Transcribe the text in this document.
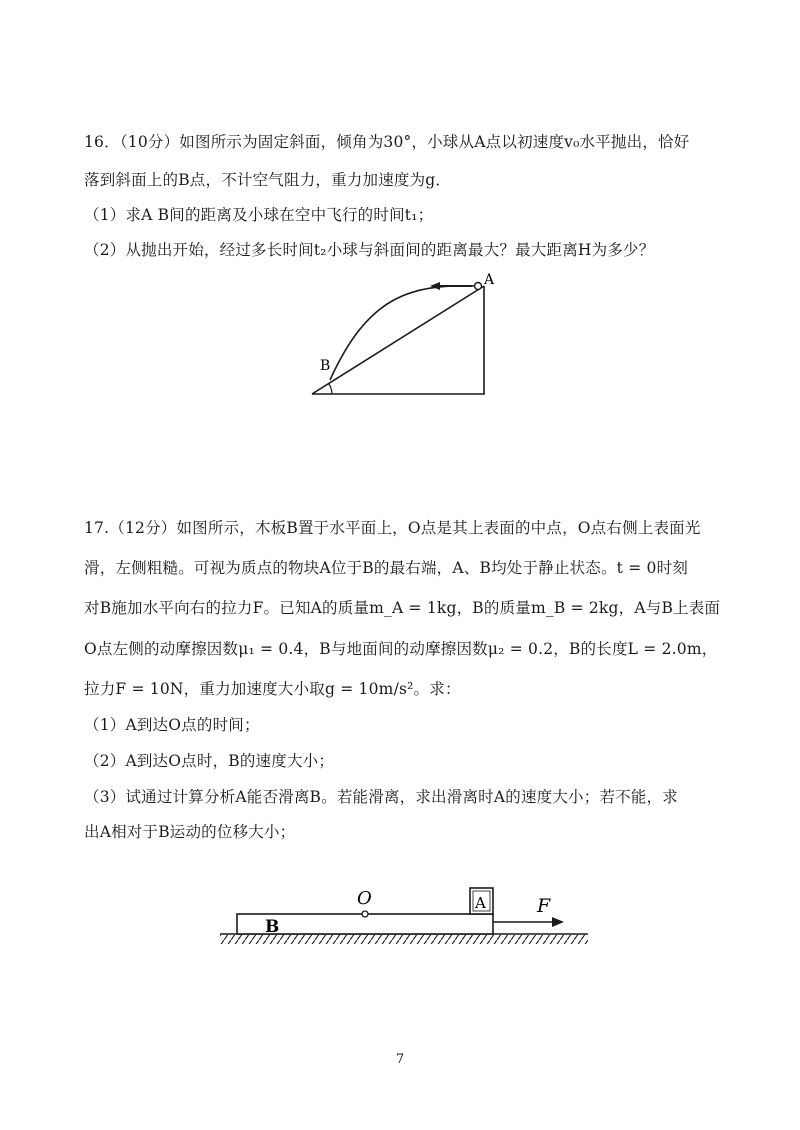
16．（10分）如图所示为固定斜面，倾角为30°，小球从A点以初速度v₀水平抛出，恰好
落到斜面上的B点，不计空气阻力，重力加速度为g．
（1）求A B间的距离及小球在空中飞行的时间t₁；
（2）从抛出开始，经过多长时间t₂小球与斜面间的距离最大？最大距离H为多少？
A
B
17.（12分）如图所示，木板B置于水平面上，O点是其上表面的中点，O点右侧上表面光
滑，左侧粗糙。可视为质点的物块A位于B的最右端，A、B均处于静止状态。t = 0时刻
对B施加水平向右的拉力F。已知A的质量m_A = 1kg，B的质量m_B = 2kg，A与B上表面
O点左侧的动摩擦因数μ₁ = 0.4，B与地面间的动摩擦因数μ₂ = 0.2，B的长度L = 2.0m，
拉力F = 10N，重力加速度大小取g = 10m/s²。求：
（1）A到达O点的时间；
（2）A到达O点时，B的速度大小；
（3）试通过计算分析A能否滑离B。若能滑离，求出滑离时A的速度大小；若不能，求
出A相对于B运动的位移大小；
B
O	A	F
7
